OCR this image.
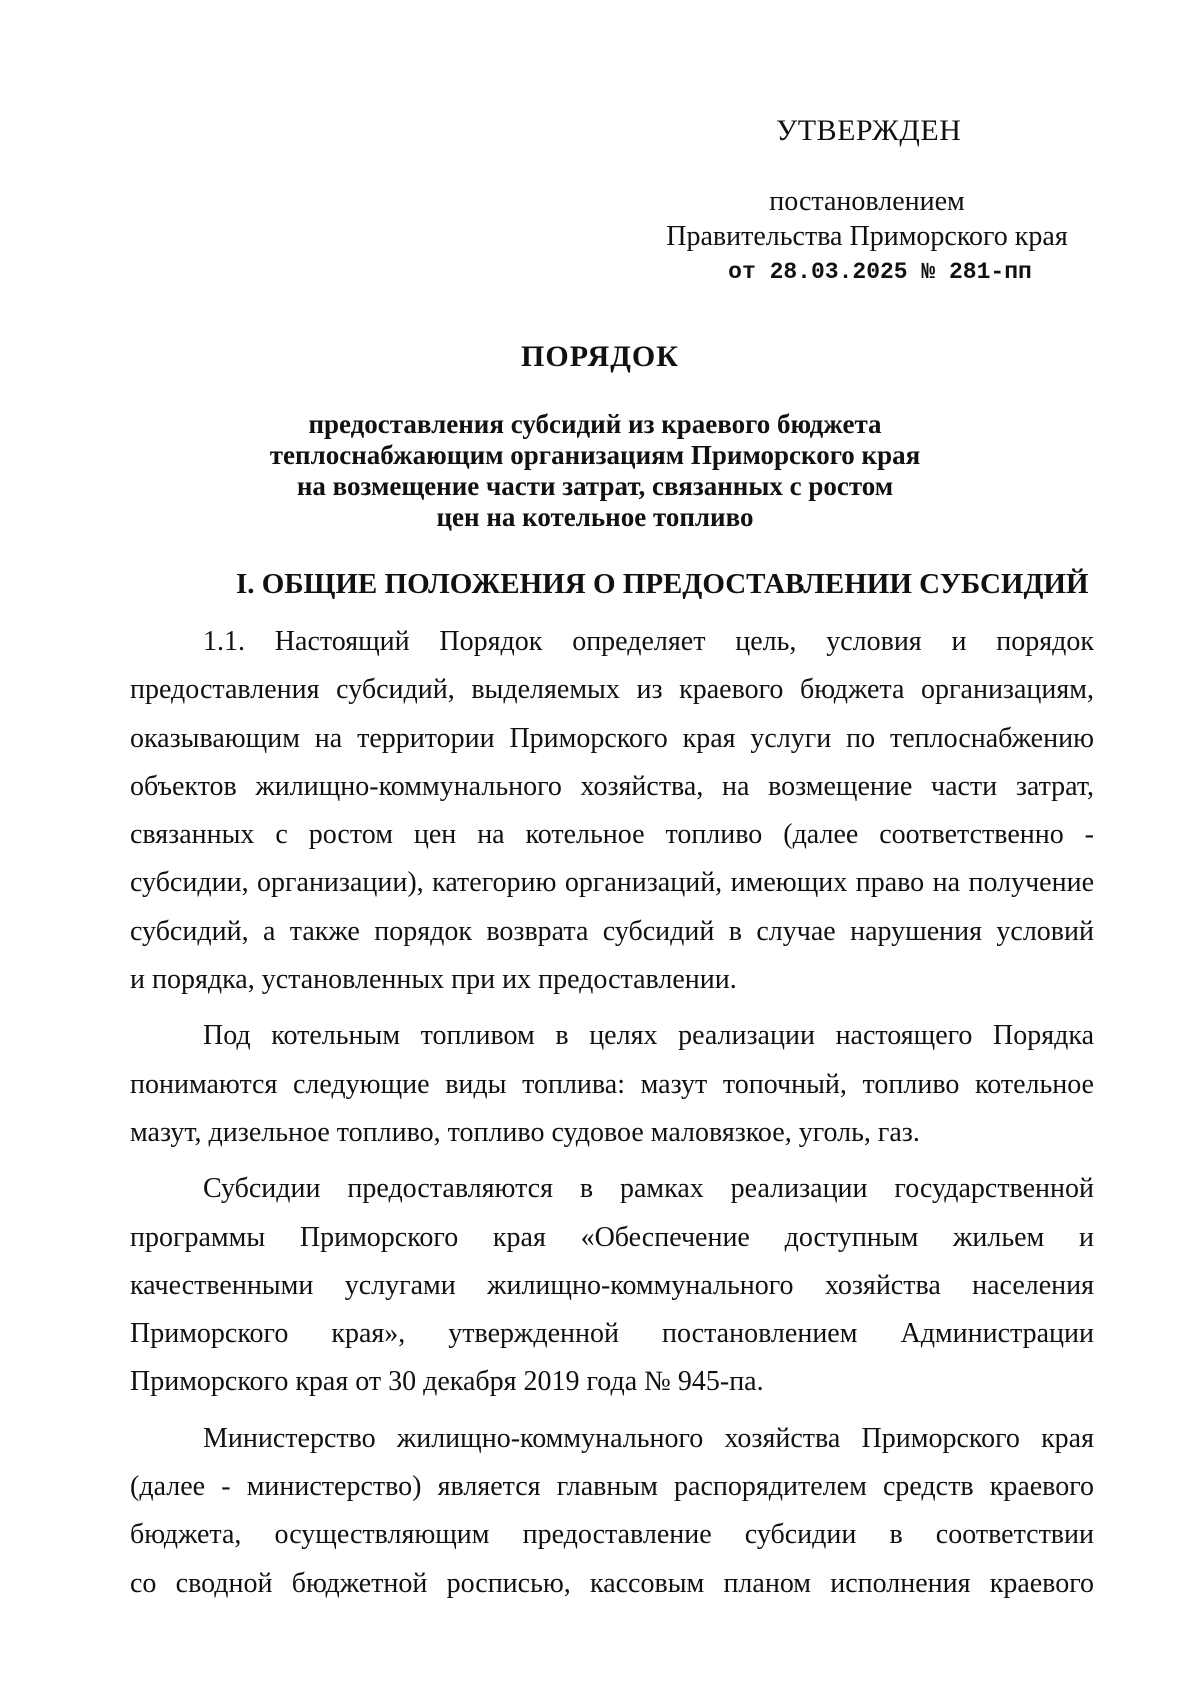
УТВЕРЖДЕН
постановлением
Правительства Приморского края
от 28.03.2025 № 281-пп
ПОРЯДОК
предоставления субсидий из краевого бюджета
теплоснабжающим организациям Приморского края
на возмещение части затрат, связанных с ростом
цен на котельное топливо
I. ОБЩИЕ ПОЛОЖЕНИЯ О ПРЕДОСТАВЛЕНИИ СУБСИДИЙ
1.1. Настоящий Порядок определяет цель, условия и порядок
предоставления субсидий, выделяемых из краевого бюджета организациям,
оказывающим на территории Приморского края услуги по теплоснабжению
объектов жилищно-коммунального хозяйства, на возмещение части затрат,
связанных с ростом цен на котельное топливо (далее соответственно -
субсидии, организации), категорию организаций, имеющих право на получение
субсидий, а также порядок возврата субсидий в случае нарушения условий
и порядка, установленных при их предоставлении.
Под котельным топливом в целях реализации настоящего Порядка
понимаются следующие виды топлива: мазут топочный, топливо котельное
мазут, дизельное топливо, топливо судовое маловязкое, уголь, газ.
Субсидии предоставляются в рамках реализации государственной
программы Приморского края «Обеспечение доступным жильем и
качественными услугами жилищно-коммунального хозяйства населения
Приморского края», утвержденной постановлением Администрации
Приморского края от 30 декабря 2019 года № 945-па.
Министерство жилищно-коммунального хозяйства Приморского края
(далее - министерство) является главным распорядителем средств краевого
бюджета, осуществляющим предоставление субсидии в соответствии
со сводной бюджетной росписью, кассовым планом исполнения краевого
